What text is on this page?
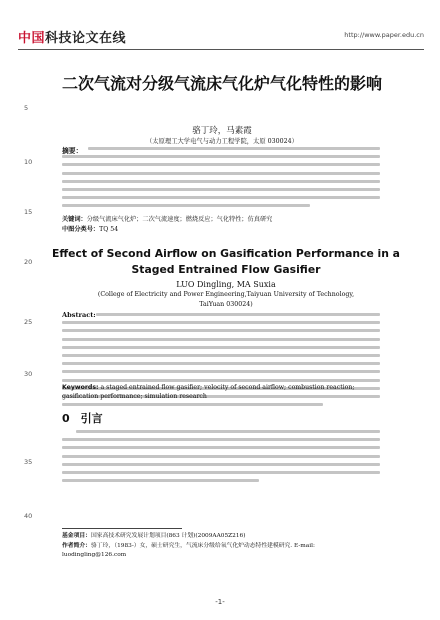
中国科技论文在线	http://www.paper.edu.cn
5
10
15
20
25
30
35
40
二次气流对分级气流床气化炉气化特性的影响
骆丁玲，马素霞
（太原理工大学电气与动力工程学院，太原 030024）
摘要：
关键词：分级气流床气化炉；二次气流速度；燃烧反应；气化特性；仿真研究
中图分类号：TQ 54
Effect of Second Airflow on Gasification Performance in a Staged Entrained Flow Gasifier
LUO Dingling, MA Suxia
(College of Electricity and Power Engineering,Taiyuan University of Technology,
TaiYuan 030024)
Abstract:
Keywords: a staged entrained flow gasifier; velocity of second airflow; combustion reaction; gasification performance; simulation research
0　引言
基金项目：国家高技术研究发展计划项目(863 计划)(2009AA05Z216)
作者简介：骆丁玲，（1983-）女，硕士研究生，气流床分级给氧气化炉动态特性建模研究. E-mail: luodingling@126.com
-1-
